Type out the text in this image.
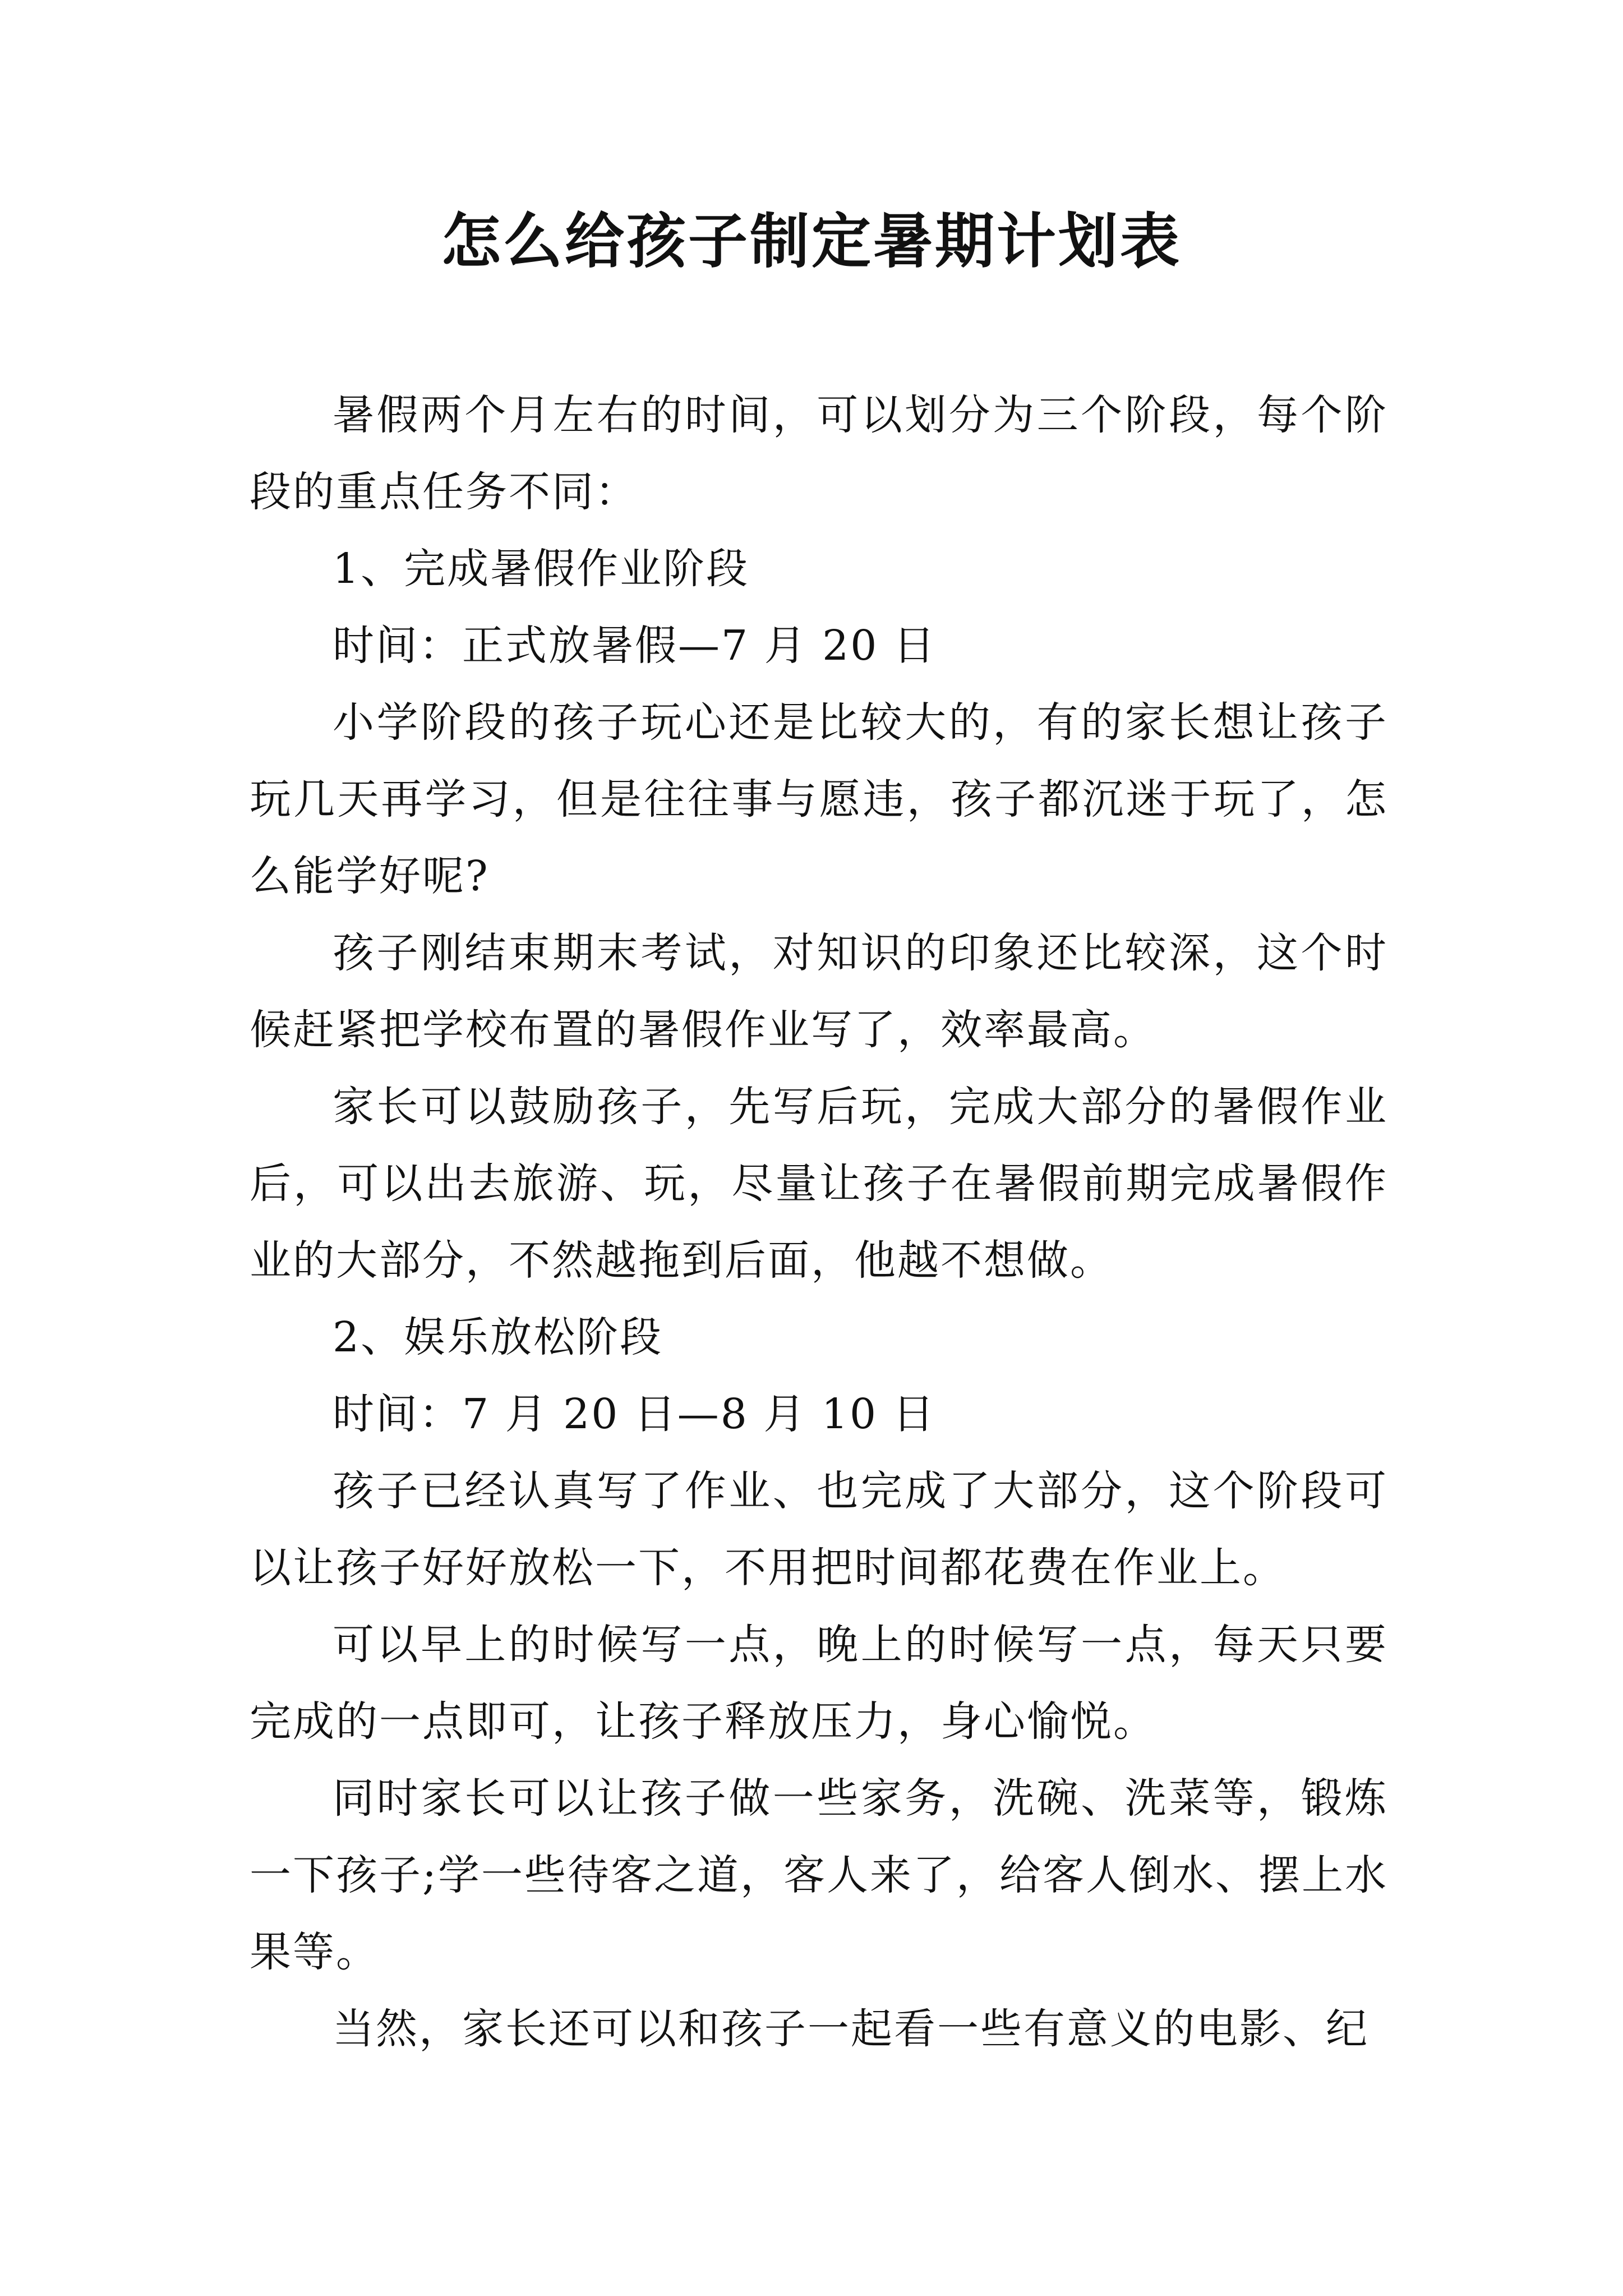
怎么给孩子制定暑期计划表

暑假两个月左右的时间，可以划分为三个阶段，每个阶段的重点任务不同：

1、完成暑假作业阶段

时间：正式放暑假—7 月 20 日

小学阶段的孩子玩心还是比较大的，有的家长想让孩子玩几天再学习，但是往往事与愿违，孩子都沉迷于玩了，怎么能学好呢?

孩子刚结束期末考试，对知识的印象还比较深，这个时候赶紧把学校布置的暑假作业写了，效率最高。

家长可以鼓励孩子，先写后玩，完成大部分的暑假作业后，可以出去旅游、玩，尽量让孩子在暑假前期完成暑假作业的大部分，不然越拖到后面，他越不想做。

2、娱乐放松阶段

时间：7 月 20 日—8 月 10 日

孩子已经认真写了作业、也完成了大部分，这个阶段可以让孩子好好放松一下，不用把时间都花费在作业上。

可以早上的时候写一点，晚上的时候写一点，每天只要完成的一点即可，让孩子释放压力，身心愉悦。

同时家长可以让孩子做一些家务，洗碗、洗菜等，锻炼一下孩子;学一些待客之道，客人来了，给客人倒水、摆上水果等。

当然，家长还可以和孩子一起看一些有意义的电影、纪
